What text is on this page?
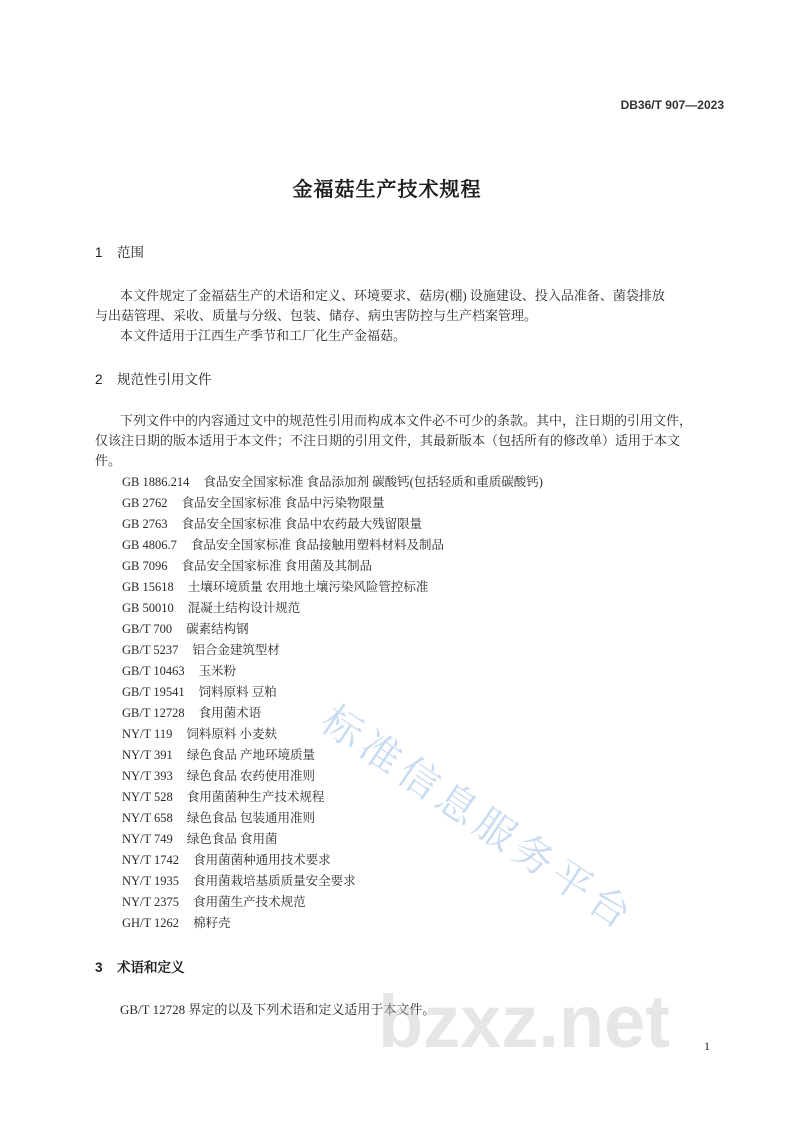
DB36/T 907—2023
金福菇生产技术规程
1 范围
本文件规定了金福菇生产的术语和定义、环境要求、菇房(棚) 设施建设、投入品准备、菌袋排放
与出菇管理、采收、质量与分级、包装、储存、病虫害防控与生产档案管理。
本文件适用于江西生产季节和工厂化生产金福菇。
2 规范性引用文件
下列文件中的内容通过文中的规范性引用而构成本文件必不可少的条款。其中，注日期的引用文件，
仅该注日期的版本适用于本文件；不注日期的引用文件，其最新版本（包括所有的修改单）适用于本文
件。
GB 1886.214 食品安全国家标准 食品添加剂 碳酸钙(包括轻质和重质碳酸钙)
GB 2762 食品安全国家标准 食品中污染物限量
GB 2763 食品安全国家标准 食品中农药最大残留限量
GB 4806.7 食品安全国家标准 食品接触用塑料材料及制品
GB 7096 食品安全国家标准 食用菌及其制品
GB 15618 土壤环境质量 农用地土壤污染风险管控标准
GB 50010 混凝土结构设计规范
GB/T 700 碳素结构钢
GB/T 5237 铝合金建筑型材
GB/T 10463 玉米粉
GB/T 19541 饲料原料 豆粕
GB/T 12728 食用菌术语
NY/T 119 饲料原料 小麦麸
NY/T 391 绿色食品 产地环境质量
NY/T 393 绿色食品 农药使用准则
NY/T 528 食用菌菌种生产技术规程
NY/T 658 绿色食品 包装通用准则
NY/T 749 绿色食品 食用菌
NY/T 1742 食用菌菌种通用技术要求
NY/T 1935 食用菌栽培基质质量安全要求
NY/T 2375 食用菌生产技术规范
GH/T 1262 棉籽壳
3 术语和定义
GB/T 12728 界定的以及下列术语和定义适用于本文件。
1
标准信息服务平台
bzxz.net
